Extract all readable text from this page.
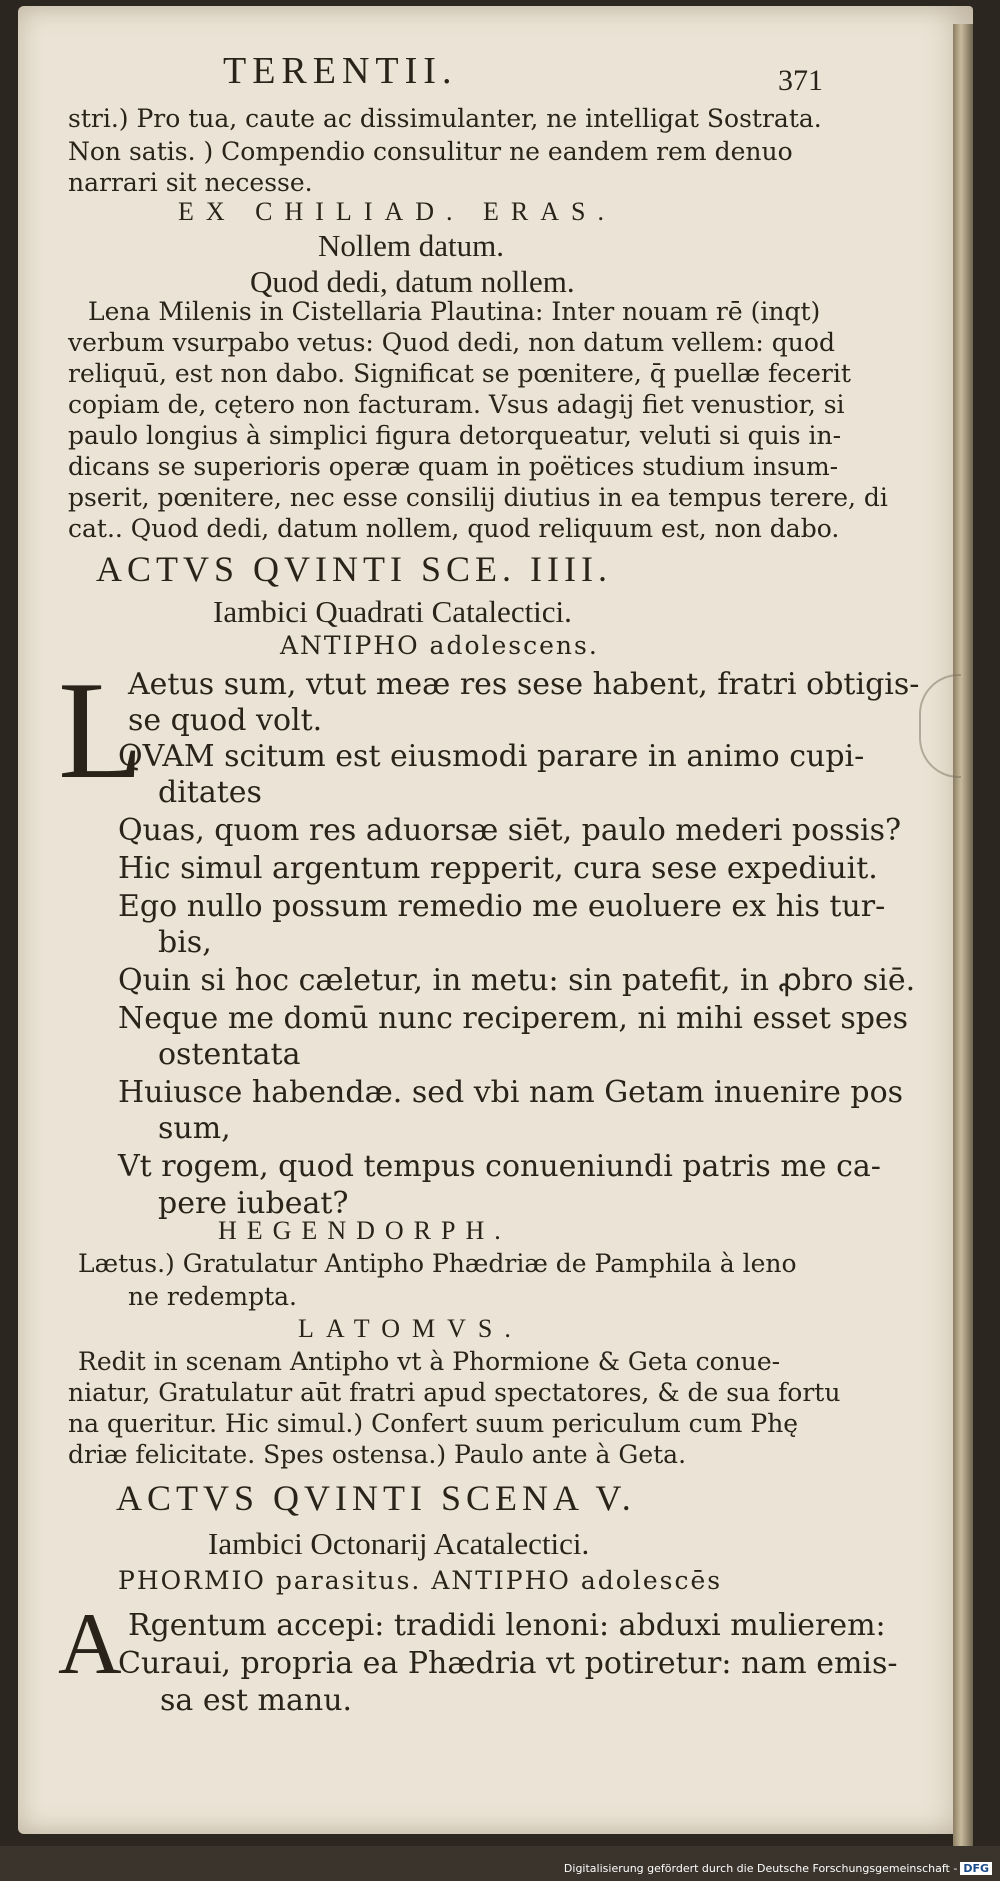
TERENTII.	371
stri.) Pro tua, caute ac dissimulanter, ne intelligat Sostrata.
Non satis. ) Compendio consulitur ne eandem rem denuo
narrari sit necesse.
EX CHILIAD. ERAS.
Nollem datum.
Quod dedi, datum nollem.
Lena Milenis in Cistellaria Plautina: Inter nouam rē (inqt)
verbum vsurpabo vetus: Quod dedi, non datum vellem: quod
reliquū, est non dabo. Significat se pœnitere, q̄ puellæ fecerit
copiam de, cętero non facturam. Vsus adagij fiet venustior, si
paulo longius à simplici figura detorqueatur, veluti si quis in-
dicans se superioris operæ quam in poëtices studium insum-
pserit, pœnitere, nec esse consilij diutius in ea tempus terere, di
cat.. Quod dedi, datum nollem, quod reliquum est, non dabo.
ACTVS QVINTI SCE. IIII.
Iambici Quadrati Catalectici.
ANTIPHO adolescens.
L
Aetus sum, vtut meæ res sese habent, fratri obtigis-
se quod volt.
QVAM scitum est eiusmodi parare in animo cupi-
ditates
Quas, quom res aduorsæ siēt, paulo mederi possis?
Hic simul argentum repperit, cura sese expediuit.
Ego nullo possum remedio me euoluere ex his tur-
bis,
Quin si hoc cæletur, in metu: sin patefit, in ꝓbro siē.
Neque me domū nunc reciperem, ni mihi esset spes
ostentata
Huiusce habendæ. sed vbi nam Getam inuenire pos
sum,
Vt rogem, quod tempus conueniundi patris me ca-
pere iubeat?
HEGENDORPH.
Lætus.) Gratulatur Antipho Phædriæ de Pamphila à leno
ne redempta.
LATOMVS.
Redit in scenam Antipho vt à Phormione & Geta conue-
niatur, Gratulatur aūt fratri apud spectatores, & de sua fortu
na queritur. Hic simul.) Confert suum periculum cum Phę
driæ felicitate. Spes ostensa.) Paulo ante à Geta.
ACTVS QVINTI SCENA V.
Iambici Octonarij Acatalectici.
PHORMIO parasitus. ANTIPHO adolescēs
A Rgentum accepi: tradidi lenoni: abduxi mulierem:
Curaui, propria ea Phædria vt potiretur: nam emis-
sa est manu.
Digitalisierung gefördert durch die Deutsche Forschungsgemeinschaft - DFG
